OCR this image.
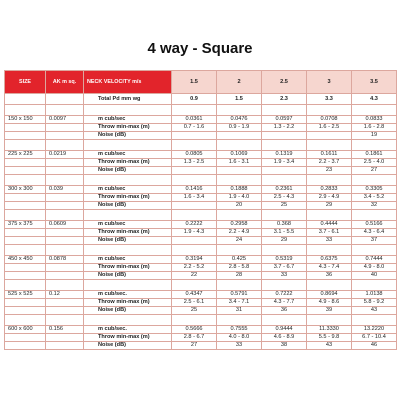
4 way - Square
SIZE	AK m sq.	NECK VELOCITY m/s	1.5	2	2.5	3	3.5
		Total Pd mm wg	0.9	1.5	2.3	3.3	4.3

150 x 150	0.0097	m cub/sec	0.0361	0.0476	0.0597	0.0708	0.0833
		Throw min-max (m)	0.7 - 1.6	0.9 - 1.9	1.3 - 2.2	1.6 - 2.5	1.6 - 2.8
		Noise (dB)					19

225 x 225	0.0219	m cub/sec	0.0805	0.1069	0.1319	0.1611	0.1861
		Throw min-max (m)	1.3 - 2.5	1.6 - 3.1	1.9 - 3.4	2.2 - 3.7	2.5 - 4.0
		Noise (dB)				23	27

300 x 300	0.039	m cub/sec	0.1416	0.1888	0.2361	0.2833	0.3305
		Throw min-max (m)	1.6 - 3.4	1.9 - 4.0	2.5 - 4.3	2.9 - 4.9	3.4 - 5.2
		Noise (dB)		20	25	29	32

375 x 375	0.0609	m cub/sec	0.2222	0.2958	0.368	0.4444	0.5166
		Throw min-max (m)	1.9 - 4.3	2.2 - 4.9	3.1 - 5.5	3.7 - 6.1	4.3 - 6.4
		Noise (dB)		24	29	33	37

450 x 450	0.0878	m cub/sec	0.3194	0.425	0.5319	0.6375	0.7444
		Throw min-max (m)	2.2 - 5.2	2.8 - 5.8	3.7 - 6.7	4.3 - 7.4	4.9 - 8.0
		Noise (dB)	22	28	33	36	40

525 x 525	0.12	m cub/sec.	0.4347	0.5791	0.7222	0.8694	1.0138
		Throw min-max (m)	2.5 - 6.1	3.4 - 7.1	4.3 - 7.7	4.9 - 8.6	5.8 - 9.2
		Noise (dB)	25	31	36	39	43

600 x 600	0.156	m cub/sec.	0.5666	0.7555	0.9444	11.3330	13.2220
		Throw min-max (m)	2.8 - 6.7	4.0 - 8.0	4.6 - 8.9	5.5 - 9.8	6.7 - 10.4
		Noise (dB)	27	33	38	43	46
